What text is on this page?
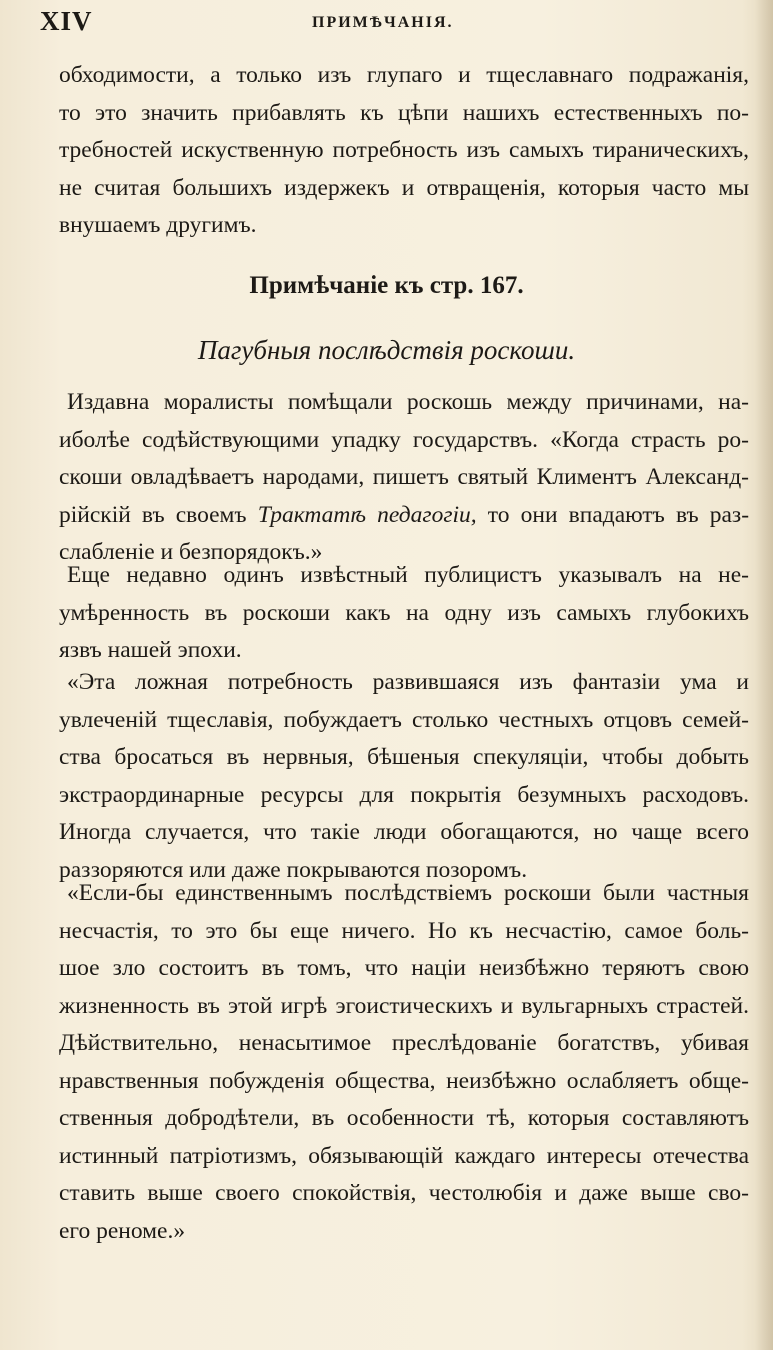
XIV	ПРИМѢЧАНІЯ.
обходимости, а только изъ глупаго и тщеславнаго подражанія,
то это значить прибавлять къ цѣпи нашихъ естественныхъ по-
требностей искуственную потребность изъ самыхъ тираническихъ,
не считая большихъ издержекъ и отвращенія, которыя часто мы
внушаемъ другимъ.
Примѣчаніе къ стр. 167.
Пагубныя послѣдствія роскоши.
Издавна моралисты помѣщали роскошь между причинами, на-
иболѣе содѣйствующими упадку государствъ. «Когда страсть ро-
скоши овладѣваетъ народами, пишетъ святый Климентъ Александ-
рійскій въ своемъ Трактатѣ педагогіи, то они впадаютъ въ раз-
слабленіе и безпорядокъ.»
Еще недавно одинъ извѣстный публицистъ указывалъ на не-
умѣренность въ роскоши какъ на одну изъ самыхъ глубокихъ
язвъ нашей эпохи.
«Эта ложная потребность развившаяся изъ фантазіи ума и
увлеченій тщеславія, побуждаетъ столько честныхъ отцовъ семей-
ства бросаться въ нервныя, бѣшеныя спекуляціи, чтобы добыть
экстраординарные ресурсы для покрытія безумныхъ расходовъ.
Иногда случается, что такіе люди обогащаются, но чаще всего
раззоряются или даже покрываются позоромъ.
«Если-бы единственнымъ послѣдствіемъ роскоши были частныя
несчастія, то это бы еще ничего. Но къ несчастію, самое боль-
шое зло состоитъ въ томъ, что націи неизбѣжно теряютъ свою
жизненность въ этой игрѣ эгоистическихъ и вульгарныхъ страстей.
Дѣйствительно, ненасытимое преслѣдованіе богатствъ, убивая
нравственныя побужденія общества, неизбѣжно ослабляетъ обще-
ственныя добродѣтели, въ особенности тѣ, которыя составляютъ
истинный патріотизмъ, обязывающій каждаго интересы отечества
ставить выше своего спокойствія, честолюбія и даже выше сво-
его реноме.»
